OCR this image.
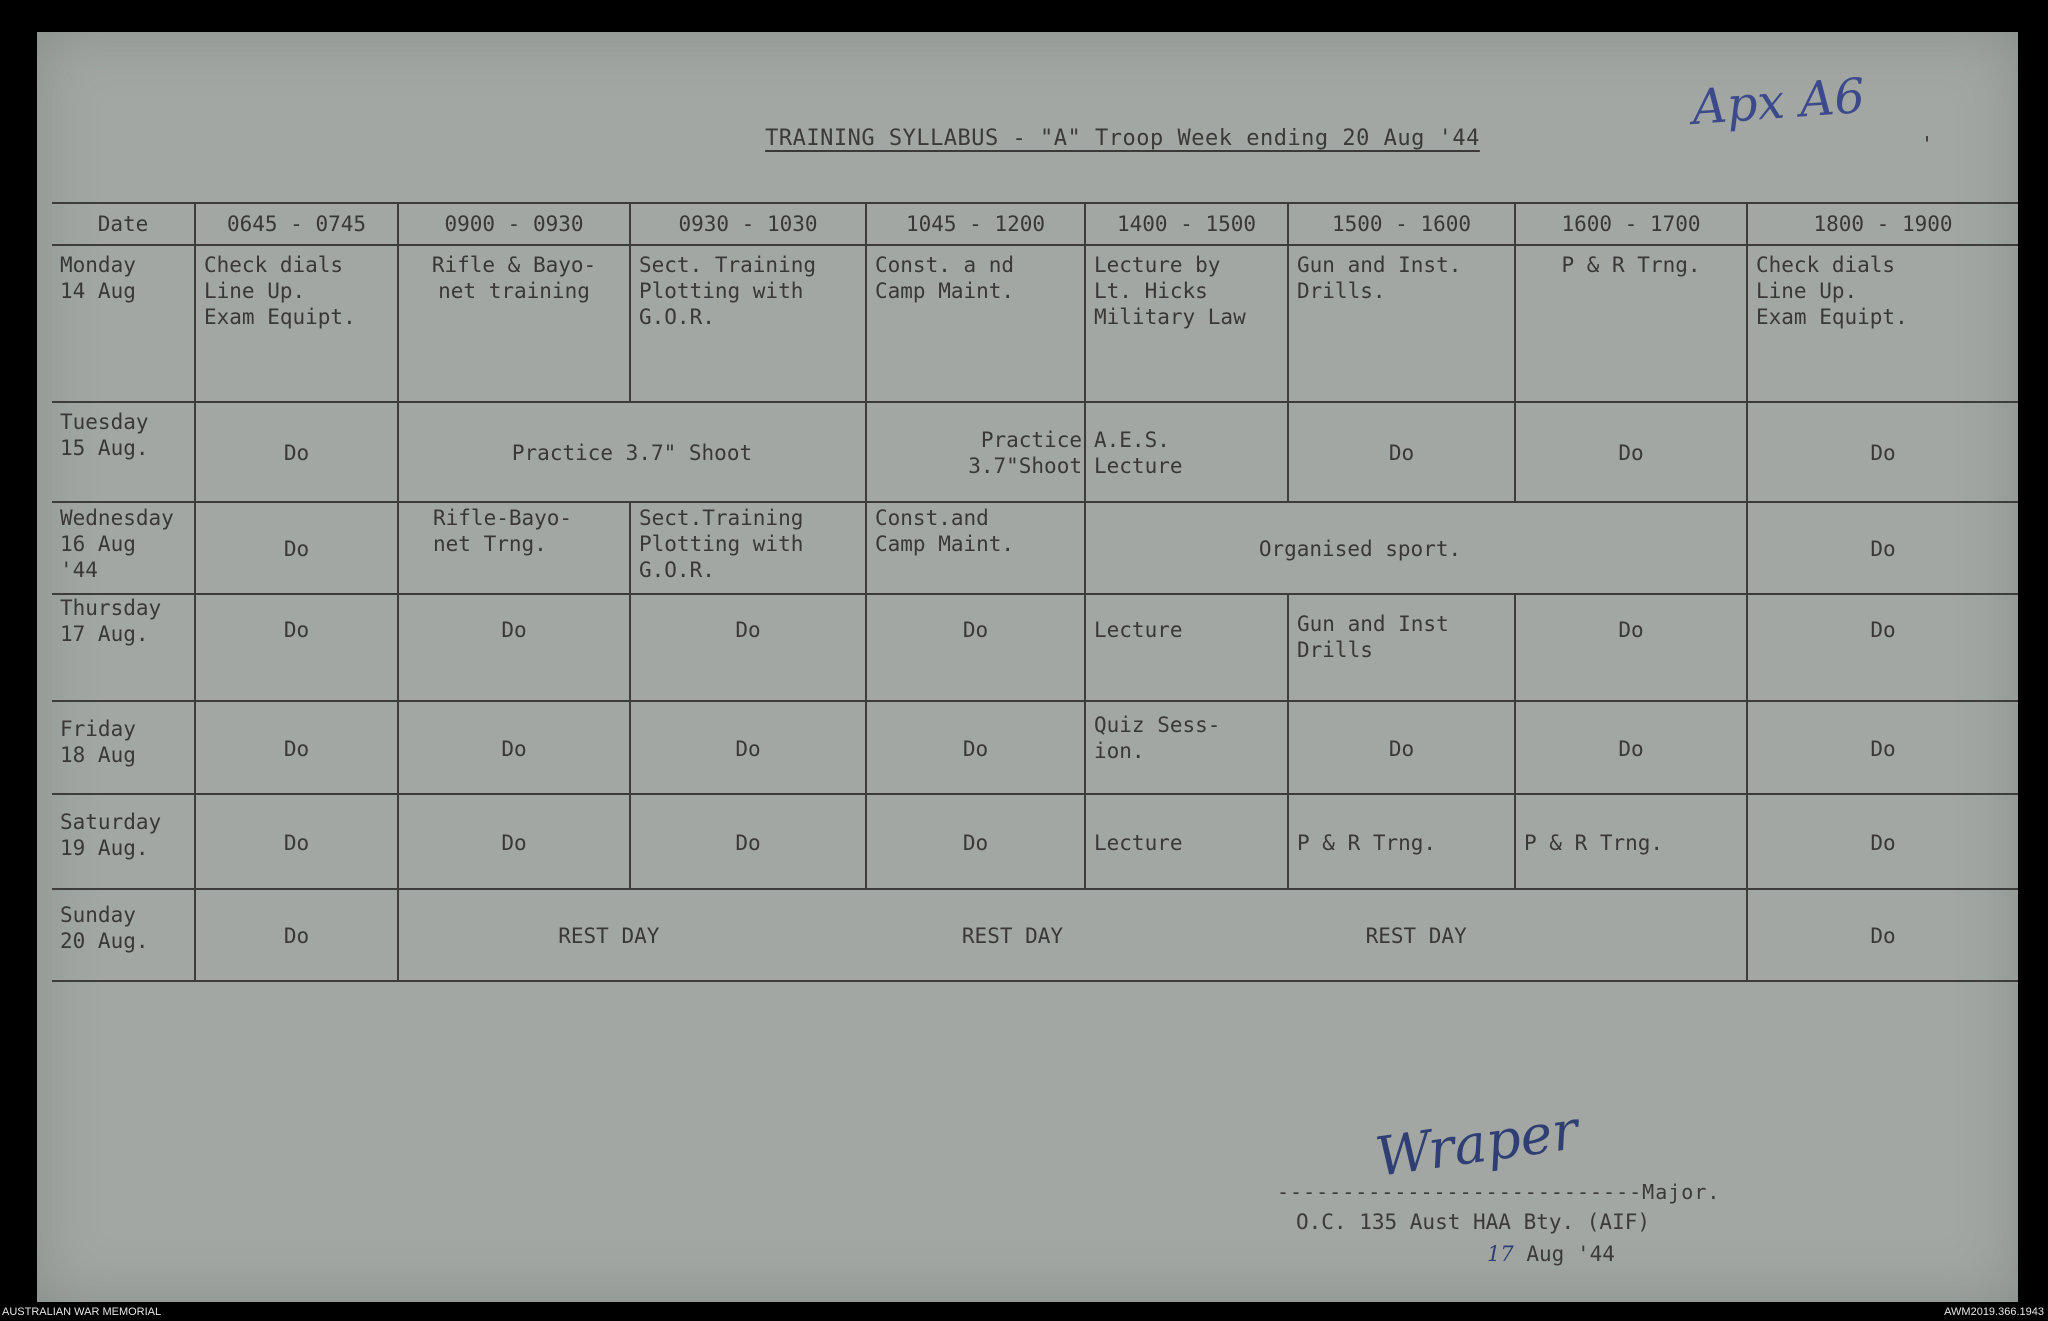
Apx A6
TRAINING SYLLABUS - "A" Troop Week ending 20 Aug '44	'
Date	0645 - 0745	0900 - 0930	0930 - 1030	1045 - 1200	1400 - 1500	1500 - 1600	1600 - 1700	1800 - 1900
Monday
14 Aug	Check dials
Line Up.
Exam Equipt.	Rifle & Bayo-
net training	Sect. Training
Plotting with
G.O.R.	Const. a nd
Camp Maint.	Lecture by
Lt. Hicks
Military Law	Gun and Inst.
Drills.	P & R Trng.	Check dials
Line Up.
Exam Equipt.
Tuesday
15 Aug.	Do	Practice 3.7" Shoot		Practice 3.7"Shoot	A.E.S.
Lecture	Do	Do	Do
Wednesday
16 Aug '44	Do	Rifle-Bayo-
net Trng.	Sect.Training
Plotting with
G.O.R.	Const.and
Camp Maint.	Organised sport.			Do
Thursday
17 Aug.	Do	Do	Do	Do	Lecture	Gun and Inst
Drills	Do	Do
Friday
18 Aug	Do	Do	Do	Do	Quiz Sess-
ion.	Do	Do	Do
Saturday
19 Aug.	Do	Do	Do	Do	Lecture	P & R Trng.	P & R Trng.	Do
Sunday
20 Aug.	Do	REST DAY REST DAY REST DAY						Do
Wraper
----------------------------Major.
O.C. 135 Aust HAA Bty. (AIF)
17 Aug '44
AUSTRALIAN WAR MEMORIAL	AWM2019.366.1943
